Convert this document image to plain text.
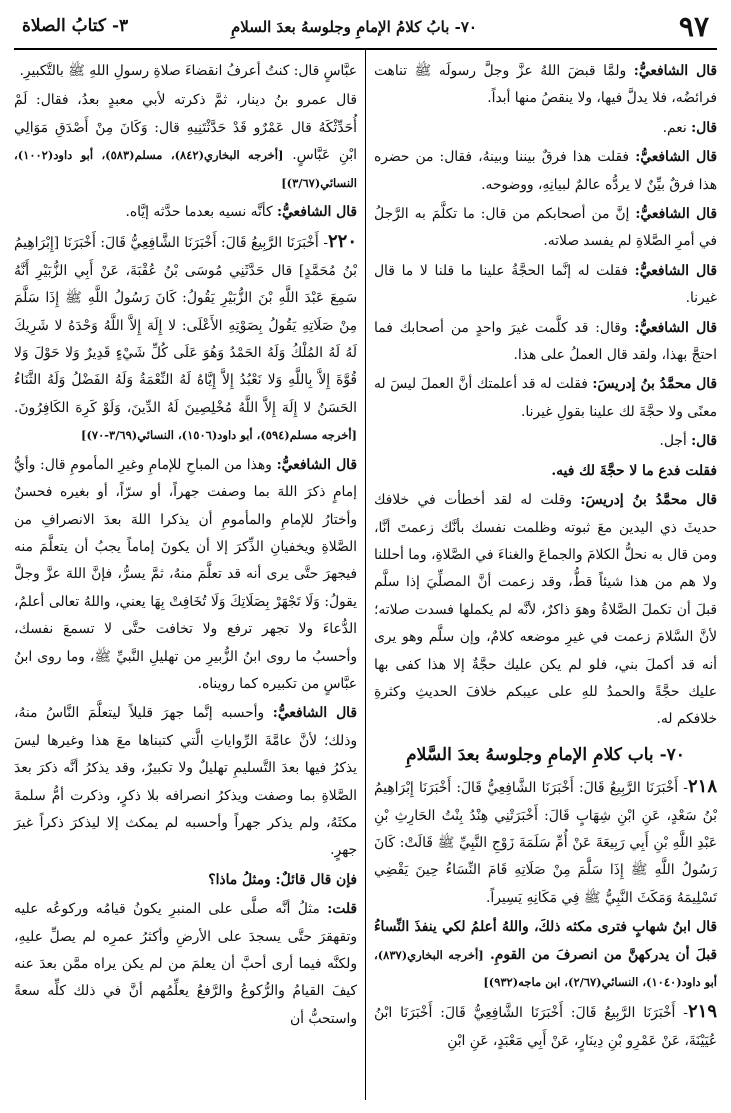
٩٧
٧٠- بابُ كلامُ الإمامِ وجلوسهُ بعدَ السلامِ
٣- كتابُ الصلاة

قال الشافعيُّ: ولمَّا قبضَ اللهُ عزَّ وجلَّ رسولَه ﷺ تناهت فرائضُه، فلا يدلَّ فيها، ولا ينقصُ منها أبداً.

قال: نعم.

قال الشافعيُّ: فقلت هذا فرقٌ بيننا وبينهُ، فقال: من حضره هذا فرقٌ بيِّنٌ لا يردُّه عالمٌ لبيانِهِ، ووضوحه.

قال الشافعيُّ: إنَّ من أصحابكم من قال: ما تكلَّمَ به الرَّجلُ في أمرِ الصَّلاةِ لم يفسد صلاته.

قال الشافعيُّ: فقلت له إنَّما الحجَّةُ علينا ما قلنا لا ما قال غيرنا.

قال الشافعيُّ: وقال: قد كلَّمت غيرَ واحدٍ من أصحابك فما احتجَّ بهذا، ولقد قال العملُ على هذا.

قال محمَّدُ بنُ إدريسَ: فقلت له قد أعلمتك أنَّ العملَ ليسَ له معنًى ولا حجَّةَ لك علينا بقولِ غيرنا.

قال: أجل.

فقلت فدع ما لا حجَّةَ لك فيه.

قال محمَّدُ بنُ إدريسَ: وقلت له لقد أخطأت في خلافك حديثَ ذي اليدين معَ ثبوته وظلمت نفسك بأنَّك زعمتَ أنَّا، ومن قال به نحلُّ الكلامَ والجماعَ والغناءَ في الصَّلاةِ، وما أحللنا ولا هم من هذا شيئاً قطُّ، وقد زعمت أنَّ المصلِّيَ إذا سلَّم قبلَ أن تكملَ الصَّلاةُ وهوَ ذاكرٌ، لأنَّه لم يكملها فسدت صلاته؛ لأنَّ السَّلامَ زعمت في غيرِ موضعه كلامٌ، وإن سلَّم وهو يرى أنه قد أكملَ بني، فلو لم يكن عليك حجَّةٌ إلا هذا كفى بها عليك حجَّةً والحمدُ للهِ على عيبكم خلافَ الحديثِ وكثرةِ خلافكم له.

٧٠- باب كلامِ الإمامِ وجلوسهُ بعدَ السَّلامِ

٢١٨- أَخْبَرَنَا الرَّبِيعُ قَالَ: أَخْبَرَنَا الشَّافِعِيُّ قَالَ: أَخْبَرَنَا إِبْرَاهِيمُ بْنُ سَعْدٍ، عَنِ ابْنِ شِهَابٍ قَالَ: أَخْبَرَتْنِي هِنْدُ بِنْتُ الحَارِثِ بْنِ عَبْدِ اللَّهِ بْنِ أَبِي رَبِيعَةَ عَنْ أُمِّ سَلَمَةَ زَوْجِ النَّبِيِّ ﷺ قَالَتْ: كَانَ رَسُولُ اللَّهِ ﷺ إِذَا سَلَّمَ مِنْ صَلَاتِهِ قَامَ النِّسَاءُ حِينَ يَقْضِي تَسْلِيمَهُ وَمَكَثَ النَّبِيُّ ﷺ فِي مَكَانِهِ يَسِيراً.

قال ابنُ شهابٍ فترى مكثه ذلكَ، واللهُ أعلمُ لكي ينفذَ النِّساءُ قبلَ أن يدركهنَّ من انصرفَ من القومِ. [أخرجه البخاري(٨٣٧)، أبو داود(١٠٤٠)، النسائي(٢/٦٧)، ابن ماجه(٩٣٢)]

٢١٩- أَخْبَرَنَا الرَّبِيعُ قَالَ: أَخْبَرَنَا الشَّافِعِيُّ قَالَ: أَخْبَرَنَا ابْنُ عُيَيْنَةَ، عَنْ عَمْرِو بْنِ دِينَارٍ، عَنْ أَبِي مَعْبَدٍ، عَنِ ابْنِ

عبَّاسٍ قال: كنتُ أعرفُ انقضاءَ صلاةِ رسولِ اللهِ ﷺ بالتَّكبيرِ.

قال عمرو بنُ دينار، ثمَّ ذكرته لأبي معبدٍ بعدُ، فقال: لَمْ أُحَدِّثْكَهُ قال عَمْرٌو قَدْ حَدَّثْتَنِيهِ قال: وَكَانَ مِنْ أَصْدَقِ مَوَالِي ابْنِ عَبَّاسٍ. [أخرجه البخاري(٨٤٢)، مسلم(٥٨٣)، أبو داود(١٠٠٢)، النسائي(٣/٦٧)]

قال الشافعيُّ: كأنَّه نسيه بعدما حدَّثه إيَّاه.

٢٢٠- أَخْبَرَنَا الرَّبِيعُ قَالَ: أَخْبَرَنَا الشَّافِعِيُّ قَالَ: أَخْبَرَنَا [إِبْرَاهِيمُ بْنُ مُحَمَّدٍ] قال حَدَّثَنِي مُوسَى بْنُ عُقْبَةَ، عَنْ أَبِي الزُّبَيْرِ أَنَّهُ سَمِعَ عَبْدَ اللَّهِ بْنَ الزُّبَيْرِ يَقُولُ: كَانَ رَسُولُ اللَّهِ ﷺ إِذَا سَلَّمَ مِنْ صَلَاتِهِ يَقُولُ بِصَوْتِهِ الأَعْلَى: لا إِلَهَ إِلاَّ اللَّهُ وَحْدَهُ لا شَرِيكَ لَهُ لَهُ المُلْكُ وَلَهُ الحَمْدُ وَهُوَ عَلَى كُلِّ شَيْءٍ قَدِيرٌ وَلا حَوْلَ وَلا قُوَّةَ إِلاَّ بِاللَّهِ وَلا نَعْبُدُ إِلاَّ إِيَّاهُ لَهُ النِّعْمَةُ وَلَهُ الفَضْلُ وَلَهُ الثَّنَاءُ الحَسَنُ لا إِلَهَ إِلاَّ اللَّهُ مُخْلِصِينَ لَهُ الدِّينَ، وَلَوْ كَرِهَ الكَافِرُونَ. [أخرجه مسلم(٥٩٤)، أبو داود(١٥٠٦)، النسائي(٣/٦٩-٧٠)]

قال الشافعيُّ: وهذا من المباحِ للإمامِ وغيرِ المأمومِ قال: وأيُّ إمامٍ ذكرَ اللهَ بما وصفت جهراً، أو سرّاً، أو بغيره فحسنٌ وأختارُ للإمامِ والمأمومِ أن يذكرا اللهَ بعدَ الانصرافِ من الصَّلاةِ ويخفيانِ الذِّكرَ إلا أن يكونَ إماماً يجبُ أن يتعلَّمَ منه فيجهرَ حتَّى يرى أنه قد تعلَّمَ منهُ، ثمَّ يسرُّ، فإنَّ اللهَ عزَّ وجلَّ يقولُ: وَلَا تَجْهَرْ بِصَلَاتِكَ وَلَا تُخَافِتْ بِهَا يعني، واللهُ تعالى أعلمُ، الدُّعاءَ ولا تجهر ترفع ولا تخافت حتَّى لا تسمعَ نفسك، وأحسبُ ما روى ابنُ الزُّبيرِ من تهليلِ النَّبيِّ ﷺ، وما روى ابنُ عبَّاسٍ من تكبيره كما رويناه.

قال الشافعيُّ: وأحسبه إنَّما جهرَ قليلاً ليتعلَّمَ النَّاسُ منهُ، وذلك؛ لأنَّ عامَّةَ الرِّواياتِ الَّتي كتبناها معَ هذا وغيرها ليسَ يذكرُ فيها بعدَ التَّسليمِ تهليلٌ ولا تكبيرٌ، وقد يذكرُ أنَّه ذكرَ بعدَ الصَّلاةِ بما وصفت ويذكرُ انصرافه بلا ذكرٍ، وذكرت أمُّ سلمةَ مكثَهُ، ولم يذكر جهراً وأحسبه لم يمكث إلا ليذكرَ ذكراً غيرَ جهرٍ.

فإن قال قائلٌ: ومثلُ ماذا؟

قلت: مثلُ أنَّه صلَّى على المنبرِ يكونُ قيامُه وركوعُه عليه وتقهقرَ حتَّى يسجدَ على الأرضِ وأكثرُ عمرِه لم يصلِّ عليهِ، ولكنَّه فيما أرى أحبَّ أن يعلمَ من لم يكن يراه ممَّن بعدَ عنه كيفَ القيامُ والرُّكوعُ والرَّفعُ يعلِّمُهم أنَّ في ذلك كلِّه سعةً واستحبُّ أن
